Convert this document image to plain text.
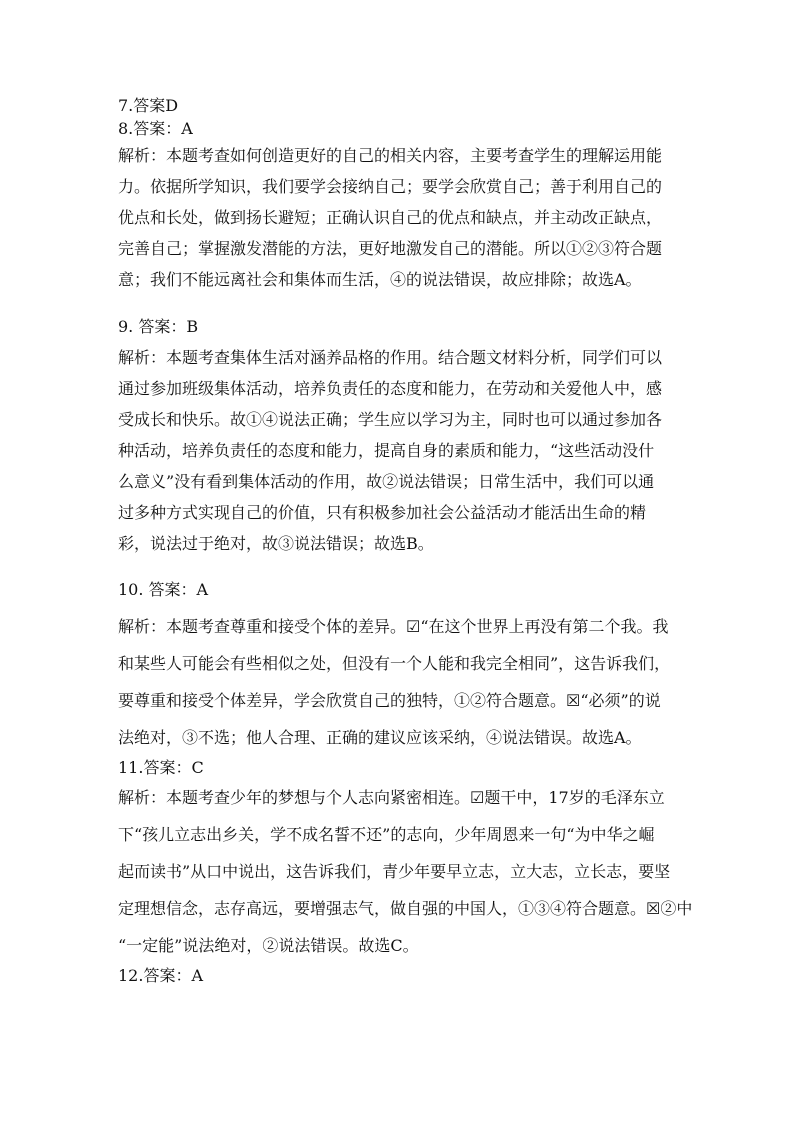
7.答案D

8.答案：A

解析：本题考查如何创造更好的自己的相关内容，主要考查学生的理解运用能

力。依据所学知识，我们要学会接纳自己；要学会欣赏自己；善于利用自己的

优点和长处，做到扬长避短；正确认识自己的优点和缺点，并主动改正缺点，

完善自己；掌握激发潜能的方法，更好地激发自己的潜能。所以①②③符合题

意；我们不能远离社会和集体而生活，④的说法错误，故应排除；故选A。

9. 答案：B

解析：本题考查集体生活对涵养品格的作用。结合题文材料分析，同学们可以

通过参加班级集体活动，培养负责任的态度和能力，在劳动和关爱他人中，感

受成长和快乐。故①④说法正确；学生应以学习为主，同时也可以通过参加各

种活动，培养负责任的态度和能力，提高自身的素质和能力，“这些活动没什

么意义”没有看到集体活动的作用，故②说法错误；日常生活中，我们可以通

过多种方式实现自己的价值，只有积极参加社会公益活动才能活出生命的精

彩，说法过于绝对，故③说法错误；故选B。

10. 答案：A

解析：本题考查尊重和接受个体的差异。☑“在这个世界上再没有第二个我。我

和某些人可能会有些相似之处，但没有一个人能和我完全相同”，这告诉我们，

要尊重和接受个体差异，学会欣赏自己的独特，①②符合题意。☒“必须”的说

法绝对，③不选；他人合理、正确的建议应该采纳，④说法错误。故选A。

11.答案：C

解析：本题考查少年的梦想与个人志向紧密相连。☑题干中，17岁的毛泽东立

下“孩儿立志出乡关，学不成名誓不还”的志向，少年周恩来一句“为中华之崛

起而读书”从口中说出，这告诉我们，青少年要早立志，立大志，立长志，要坚

定理想信念，志存高远，要增强志气，做自强的中国人，①③④符合题意。☒②中

“一定能”说法绝对，②说法错误。故选C。

12.答案：A
